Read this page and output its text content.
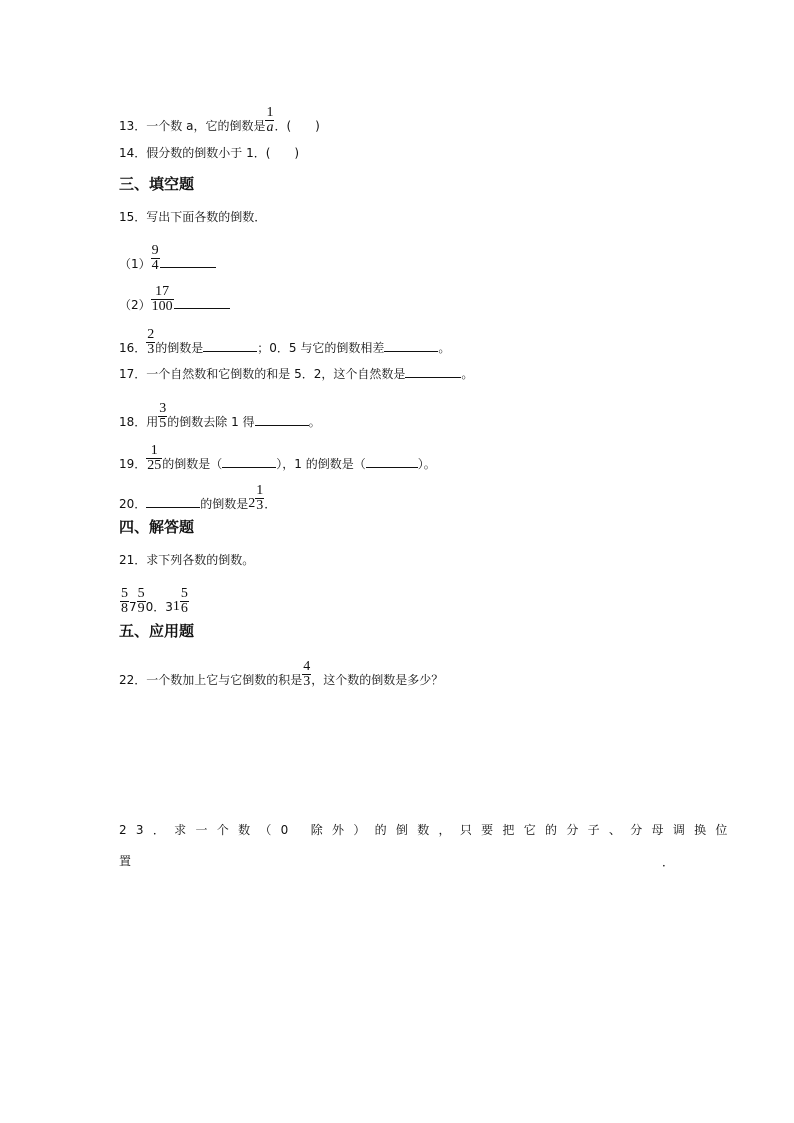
13．一个数 a，它的倒数是 $\frac{1}{a}$ ．(　　)
14．假分数的倒数小于 1．(　　)
三、填空题
15．写出下面各数的倒数．
$(1) \frac{9}{4}$
$(2) \frac{17}{100}$
16． $\frac{2}{3}$ 的倒数是	；0．5 与它的倒数相差	。
17．一个自然数和它倒数的和是 5．2，这个自然数是	。
18．用 $\frac{3}{5}$ 的倒数去除 1 得	。
19． $\frac{1}{25}$ 的倒数是（	），1 的倒数是（	）。
20．	的倒数是$2 \frac{1}{3}$ ．
四、解答题
21．求下列各数的倒数。
$\frac{5}{8} 7 \frac{5}{9} 0$．$31 \frac{5}{6}$
五、应用题
22．一个数加上它与它倒数的积是 $\frac{4}{3}$ ，这个数的倒数是多少？
23．求一个数（0 除外）的倒数，只要把它的分子、分母调换位
置	．
